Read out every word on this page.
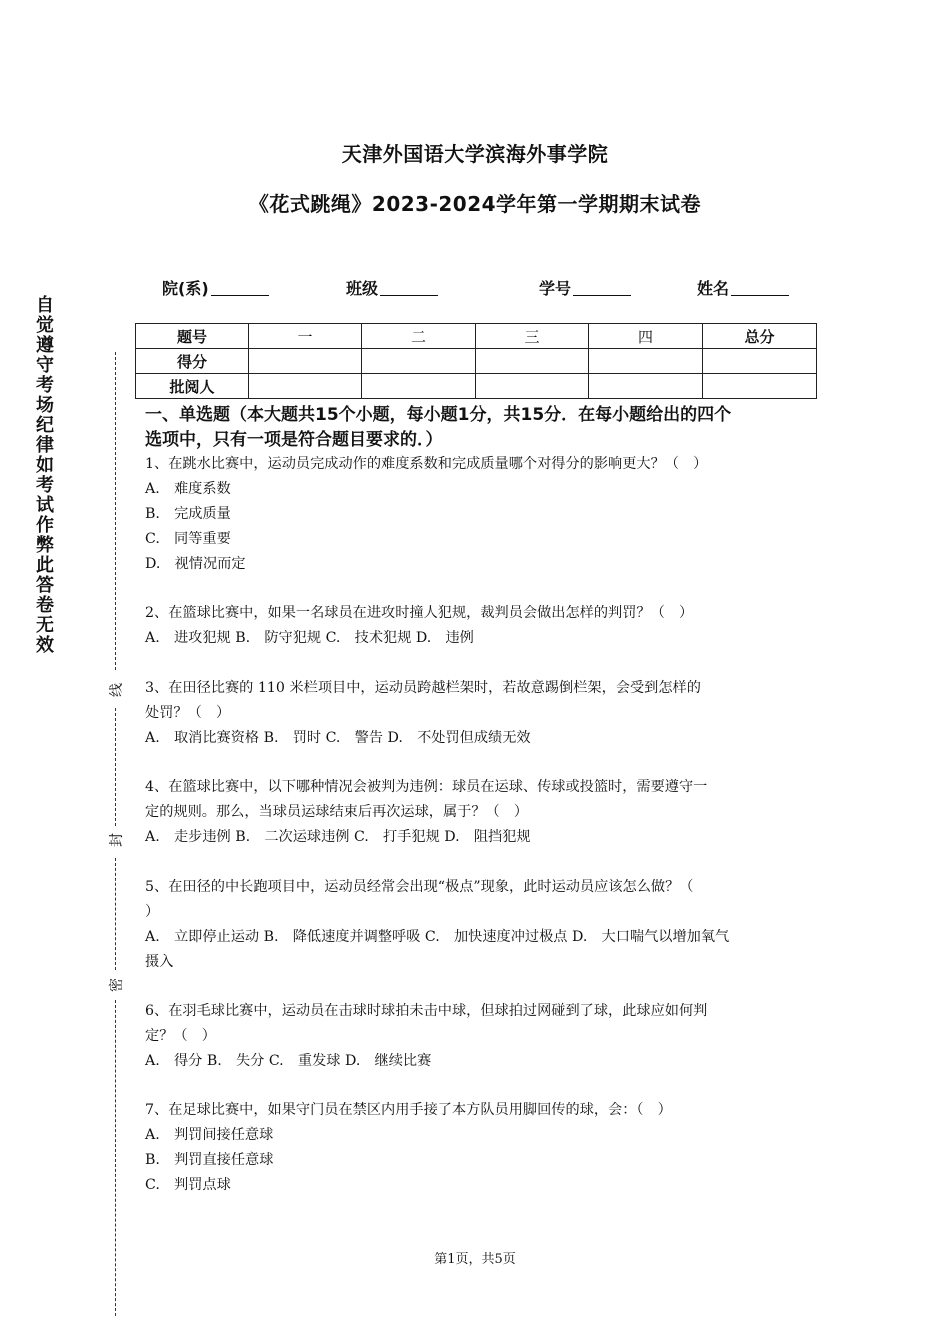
天津外国语大学滨海外事学院
《花式跳绳》2023-2024学年第一学期期末试卷
院(系)	班级	学号	姓名
题号	一	二	三	四	总分
得分					
批阅人					
自
觉
遵
守
考
场
纪
律
如
考
试
作
弊
此
答
卷
无
效
线
封
密
一、单选题（本大题共15个小题，每小题1分，共15分．在每小题给出的四个
选项中，只有一项是符合题目要求的．）

1、在跳水比赛中，运动员完成动作的难度系数和完成质量哪个对得分的影响更大？（　）

A.　难度系数

B.　完成质量

C.　同等重要

D.　视情况而定

2、在篮球比赛中，如果一名球员在进攻时撞人犯规，裁判员会做出怎样的判罚？（　）

A.　进攻犯规 B.　防守犯规 C.　技术犯规 D.　违例

3、在田径比赛的 110 米栏项目中，运动员跨越栏架时，若故意踢倒栏架，会受到怎样的

处罚？（　）

A.　取消比赛资格 B.　罚时 C.　警告 D.　不处罚但成绩无效

4、在篮球比赛中，以下哪种情况会被判为违例：球员在运球、传球或投篮时，需要遵守一

定的规则。那么，当球员运球结束后再次运球，属于？（　）

A.　走步违例 B.　二次运球违例 C.　打手犯规 D.　阻挡犯规

5、在田径的中长跑项目中，运动员经常会出现“极点”现象，此时运动员应该怎么做？（

）

A.　立即停止运动 B.　降低速度并调整呼吸 C.　加快速度冲过极点 D.　大口喘气以增加氧气

摄入

6、在羽毛球比赛中，运动员在击球时球拍未击中球，但球拍过网碰到了球，此球应如何判

定？（　）

A.　得分 B.　失分 C.　重发球 D.　继续比赛

7、在足球比赛中，如果守门员在禁区内用手接了本方队员用脚回传的球，会：（　）

A.　判罚间接任意球

B.　判罚直接任意球

C.　判罚点球

第1页，共5页
